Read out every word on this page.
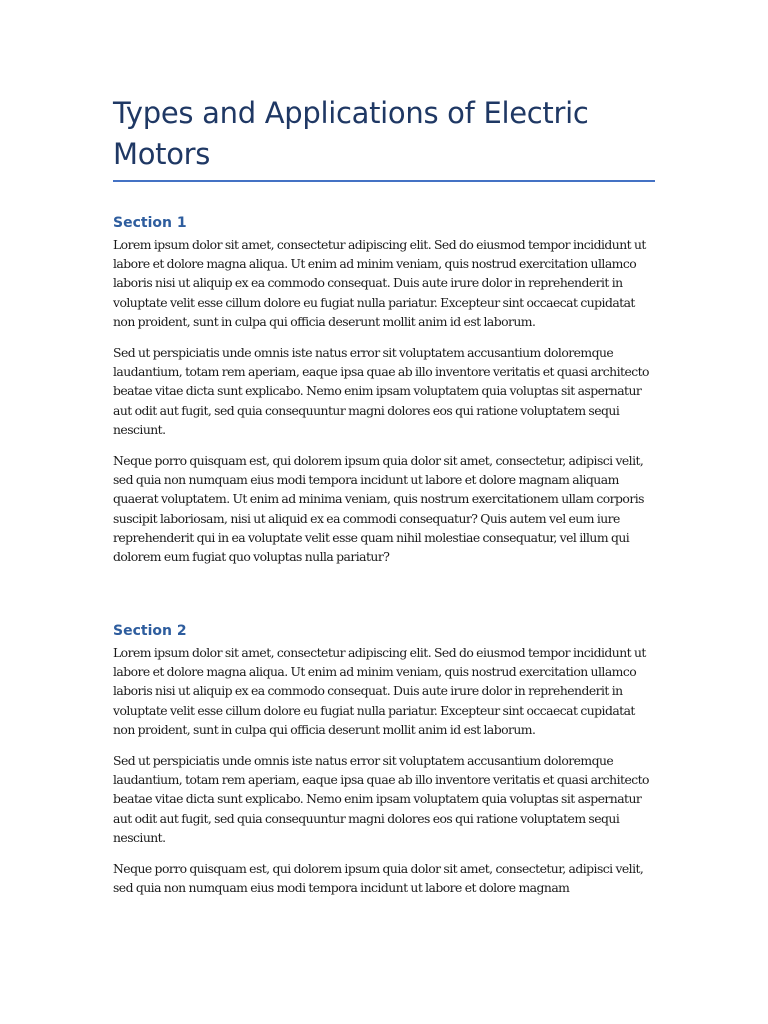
Types and Applications of Electric Motors
Section 1

Lorem ipsum dolor sit amet, consectetur adipiscing elit. Sed do eiusmod tempor incididunt ut labore et dolore magna aliqua. Ut enim ad minim veniam, quis nostrud exercitation ullamco laboris nisi ut aliquip ex ea commodo consequat. Duis aute irure dolor in reprehenderit in voluptate velit esse cillum dolore eu fugiat nulla pariatur. Excepteur sint occaecat cupidatat non proident, sunt in culpa qui officia deserunt mollit anim id est laborum.

Sed ut perspiciatis unde omnis iste natus error sit voluptatem accusantium doloremque laudantium, totam rem aperiam, eaque ipsa quae ab illo inventore veritatis et quasi architecto beatae vitae dicta sunt explicabo. Nemo enim ipsam voluptatem quia voluptas sit aspernatur aut odit aut fugit, sed quia consequuntur magni dolores eos qui ratione voluptatem sequi nesciunt.

Neque porro quisquam est, qui dolorem ipsum quia dolor sit amet, consectetur, adipisci velit, sed quia non numquam eius modi tempora incidunt ut labore et dolore magnam aliquam quaerat voluptatem. Ut enim ad minima veniam, quis nostrum exercitationem ullam corporis suscipit laboriosam, nisi ut aliquid ex ea commodi consequatur? Quis autem vel eum iure reprehenderit qui in ea voluptate velit esse quam nihil molestiae consequatur, vel illum qui dolorem eum fugiat quo voluptas nulla pariatur?

Section 2

Lorem ipsum dolor sit amet, consectetur adipiscing elit. Sed do eiusmod tempor incididunt ut labore et dolore magna aliqua. Ut enim ad minim veniam, quis nostrud exercitation ullamco laboris nisi ut aliquip ex ea commodo consequat. Duis aute irure dolor in reprehenderit in voluptate velit esse cillum dolore eu fugiat nulla pariatur. Excepteur sint occaecat cupidatat non proident, sunt in culpa qui officia deserunt mollit anim id est laborum.

Sed ut perspiciatis unde omnis iste natus error sit voluptatem accusantium doloremque laudantium, totam rem aperiam, eaque ipsa quae ab illo inventore veritatis et quasi architecto beatae vitae dicta sunt explicabo. Nemo enim ipsam voluptatem quia voluptas sit aspernatur aut odit aut fugit, sed quia consequuntur magni dolores eos qui ratione voluptatem sequi nesciunt.

Neque porro quisquam est, qui dolorem ipsum quia dolor sit amet, consectetur, adipisci velit, sed quia non numquam eius modi tempora incidunt ut labore et dolore magnam
